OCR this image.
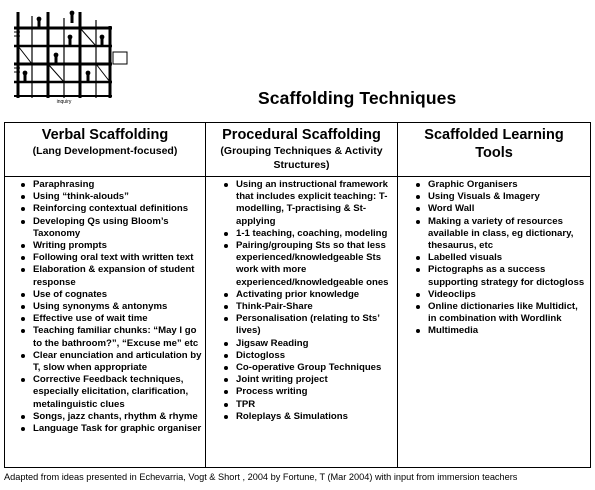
inquiry	Scaffolding Techniques
Verbal Scaffolding
(Lang Development-focused)
Paraphrasing
Using “think-alouds”
Reinforcing contextual definitions
Developing Qs using Bloom’s Taxonomy
Writing prompts
Following oral text with written text
Elaboration & expansion of student response
Use of cognates
Using synonyms & antonyms
Effective use of wait time
Teaching familiar chunks: “May I go to the bathroom?”, “Excuse me” etc
Clear enunciation and articulation by T, slow when appropriate
Corrective Feedback techniques, especially elicitation, clarification, metalinguistic clues
Songs, jazz chants, rhythm & rhyme
Language Task for graphic organiser
Procedural Scaffolding
(Grouping Techniques & Activity Structures)
Using an instructional framework that includes explicit teaching: T-modelling, T-practising & St-applying
1-1 teaching, coaching, modeling
Pairing/grouping Sts so that less experienced/knowledgeable Sts work with more experienced/knowledgeable ones
Activating prior knowledge
Think-Pair-Share
Personalisation (relating to Sts’ lives)
Jigsaw Reading
Dictogloss
Co-operative Group Techniques
Joint writing project
Process writing
TPR
Roleplays & Simulations
Scaffolded Learning Tools
Graphic Organisers
Using Visuals & Imagery
Word Wall
Making a variety of resources available in class, eg dictionary, thesaurus, etc
Labelled visuals
Pictographs as a success supporting strategy for dictogloss
Videoclips
Online dictionaries like Multidict, in combination with Wordlink
Multimedia
Adapted from ideas presented in Echevarria, Vogt & Short , 2004 by Fortune, T (Mar 2004) with input from immersion teachers
